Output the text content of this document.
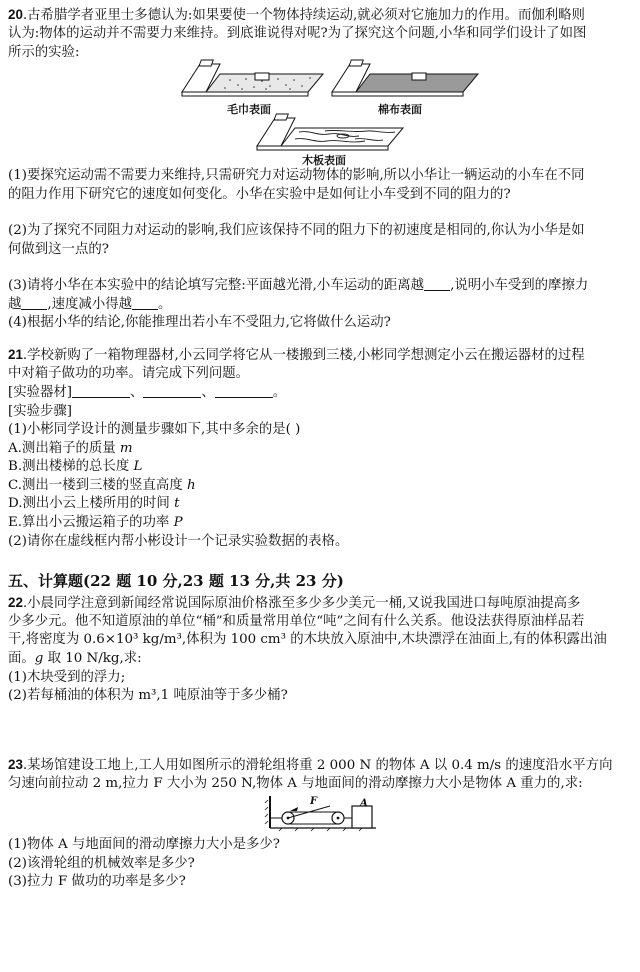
20.古希腊学者亚里士多德认为:如果要使一个物体持续运动,就必须对它施加力的作用。而伽利略则
认为:物体的运动并不需要力来维持。到底谁说得对呢?为了探究这个问题,小华和同学们设计了如图
所示的实验:
毛巾表面	棉布表面
木板表面
(1)要探究运动需不需要力来维持,只需研究力对运动物体的影响,所以小华让一辆运动的小车在不同
的阻力作用下研究它的速度如何变化。小华在实验中是如何让小车受到不同的阻力的?
(2)为了探究不同阻力对运动的影响,我们应该保持不同的阻力下的初速度是相同的,你认为小华是如
何做到这一点的?
(3)请将小华在本实验中的结论填写完整:平面越光滑,小车运动的距离越 ,说明小车受到的摩擦力
越 ,速度减小得越 。
(4)根据小华的结论,你能推理出若小车不受阻力,它将做什么运动?
21.学校新购了一箱物理器材,小云同学将它从一楼搬到三楼,小彬同学想测定小云在搬运器材的过程
中对箱子做功的功率。请完成下列问题。
[实验器材]	、	、	。
[实验步骤]
(1)小彬同学设计的测量步骤如下,其中多余的是( )
A.测出箱子的质量 m
B.测出楼梯的总长度 L
C.测出一楼到三楼的竖直高度 h
D.测出小云上楼所用的时间 t
E.算出小云搬运箱子的功率 P
(2)请你在虚线框内帮小彬设计一个记录实验数据的表格。
五、计算题(22 题 10 分,23 题 13 分,共 23 分)
22.小晨同学注意到新闻经常说国际原油价格涨至多少多少美元一桶,又说我国进口每吨原油提高多
少多少元。他不知道原油的单位“桶”和质量常用单位“吨”之间有什么关系。他设法获得原油样品若
干,将密度为 0.6×10³ kg/m³,体积为 100 cm³ 的木块放入原油中,木块漂浮在油面上,有的体积露出油
面。g 取 10 N/kg,求:
(1)木块受到的浮力;
(2)若每桶油的体积为 m³,1 吨原油等于多少桶?
23.某场馆建设工地上,工人用如图所示的滑轮组将重 2 000 N 的物体 A 以 0.4 m/s 的速度沿水平方向
匀速向前拉动 2 m,拉力 F 大小为 250 N,物体 A 与地面间的滑动摩擦力大小是物体 A 重力的,求:
F	A
(1)物体 A 与地面间的滑动摩擦力大小是多少?
(2)该滑轮组的机械效率是多少?
(3)拉力 F 做功的功率是多少?
